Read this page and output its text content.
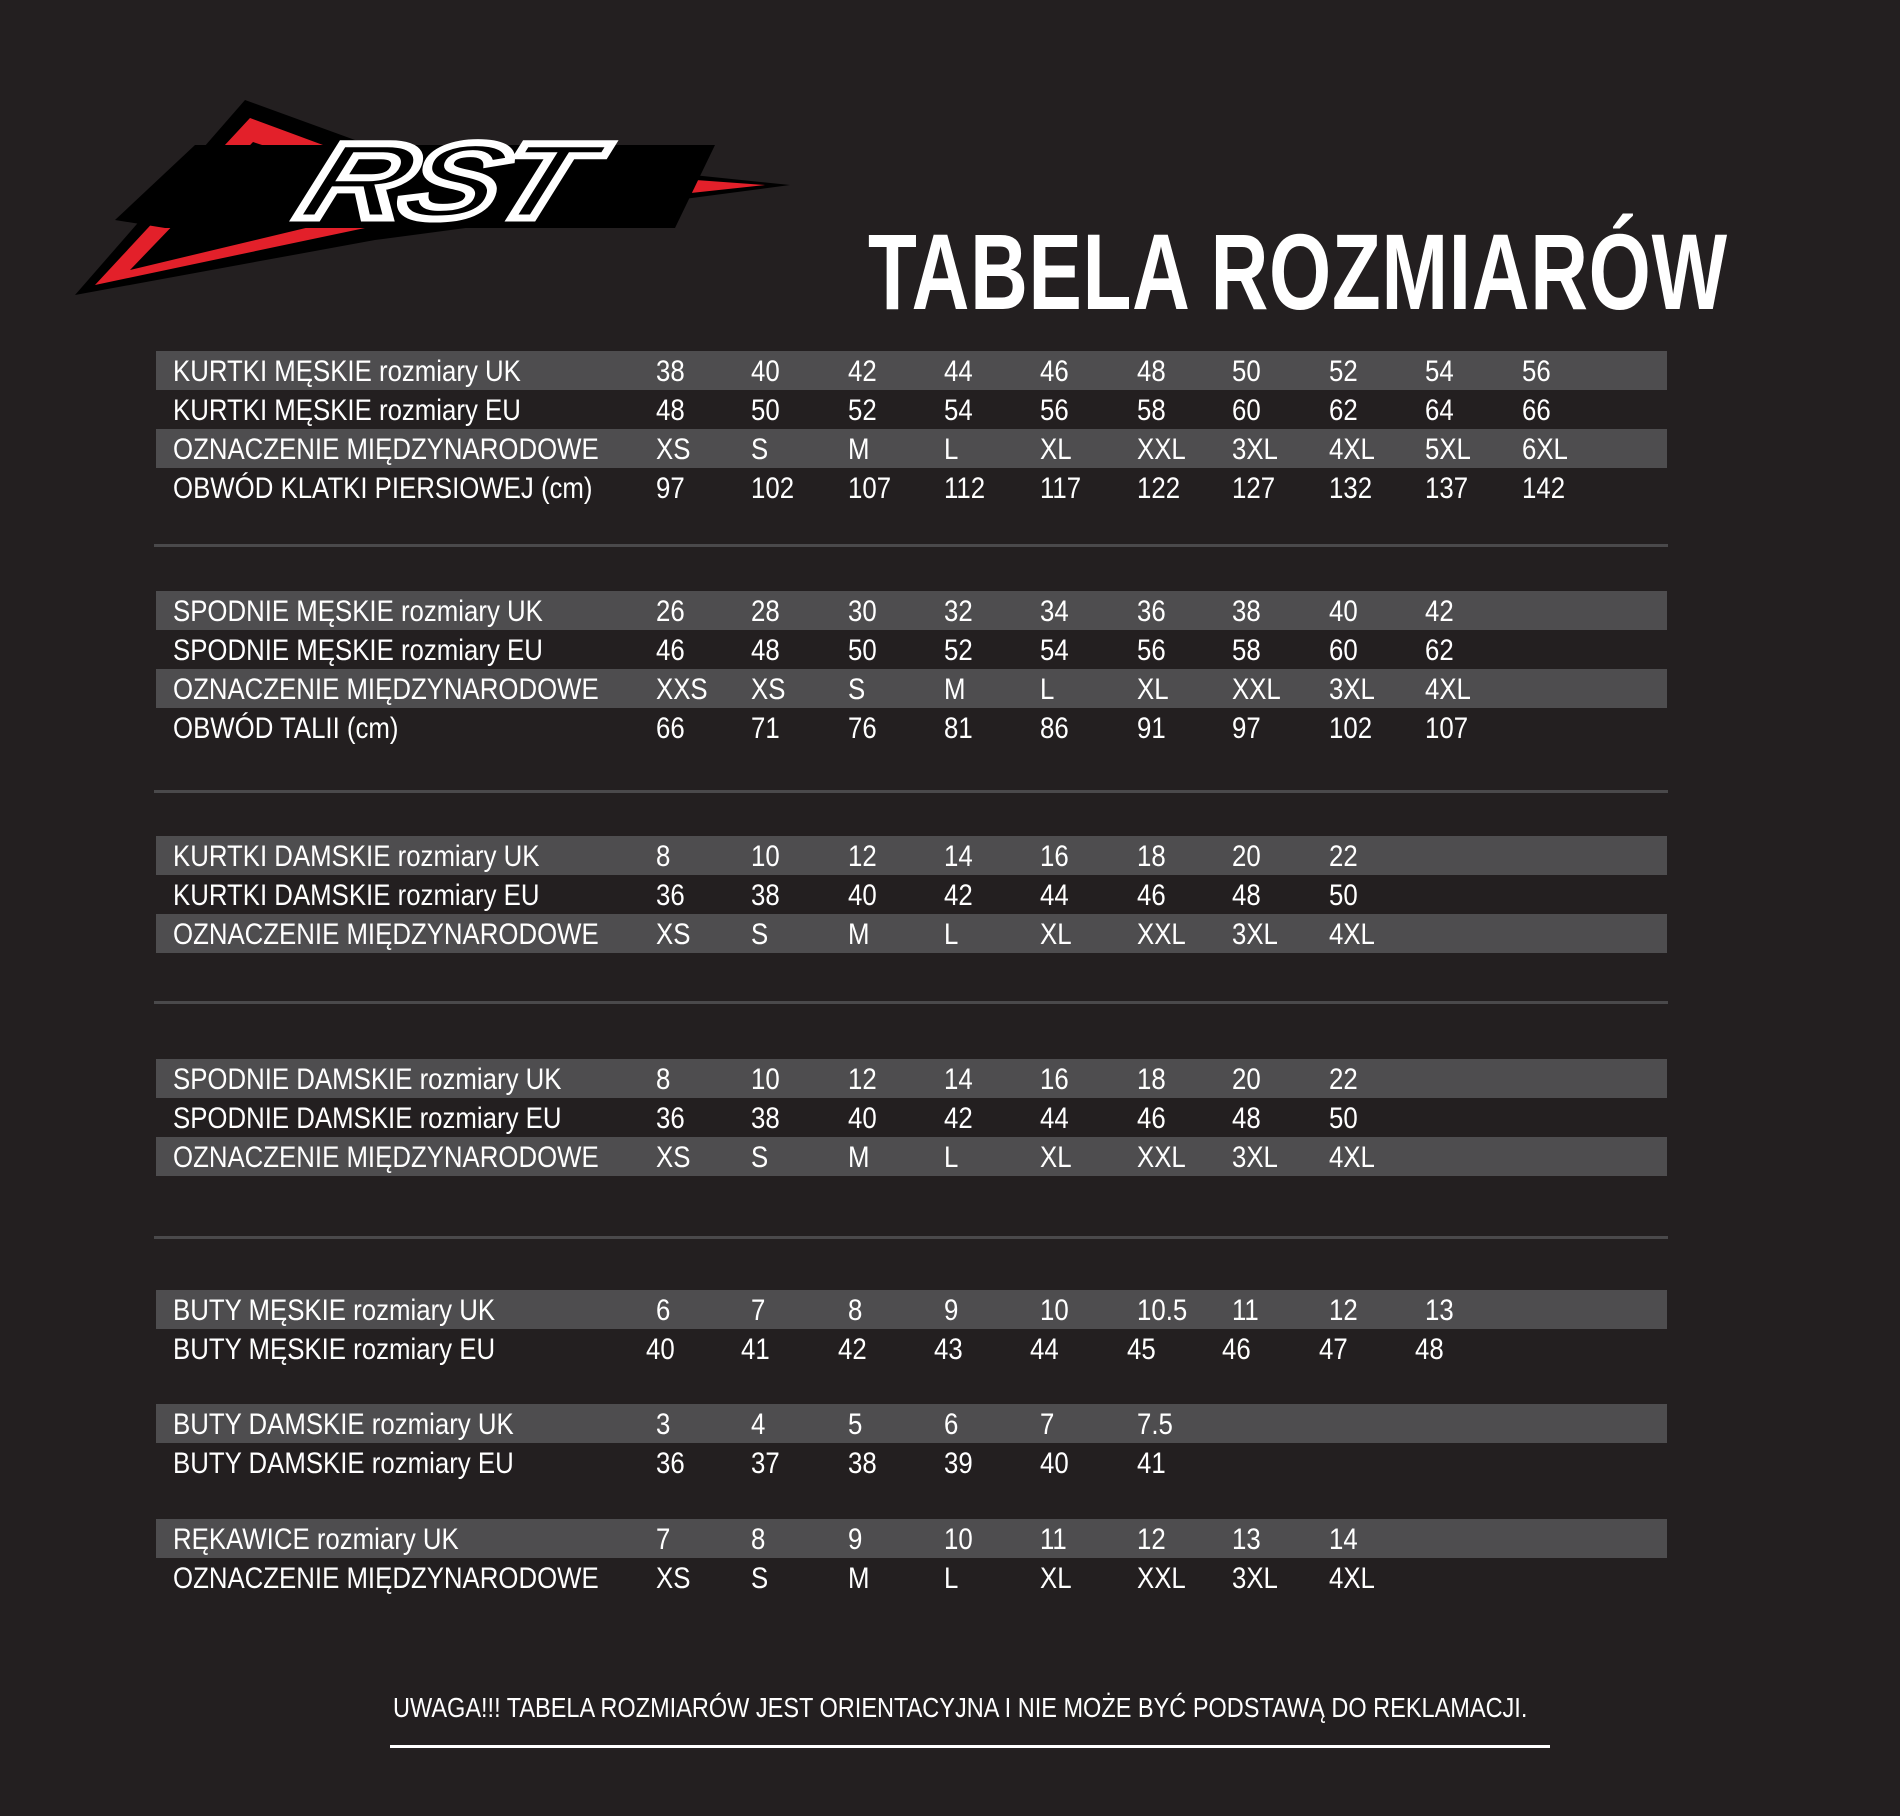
RST
TABELA ROZMIARÓW
KURTKI MĘSKIE rozmiary UK	38 40 42 44 46 48 50 52 54 56
KURTKI MĘSKIE rozmiary EU	48 50 52 54 56 58 60 62 64 66
OZNACZENIE MIĘDZYNARODOWE XS S	M L	XL XXL 3XL 4XL 5XL 6XL
OBWÓD KLATKI PIERSIOWEJ (cm) 97 102 107 112 117 122 127 132 137 142
SPODNIE MĘSKIE rozmiary UK	26 28 30 32 34 36 38 40 42
SPODNIE MĘSKIE rozmiary EU	46 48 50 52 54 56 58 60 62
OZNACZENIE MIĘDZYNARODOWE XXS XS S	M L	XL XXL 3XL 4XL
OBWÓD TALII (cm)	66 71 76 81 86 91 97 102 107
KURTKI DAMSKIE rozmiary UK	8	10 12 14 16 18 20 22
KURTKI DAMSKIE rozmiary EU	36 38 40 42 44 46 48 50
OZNACZENIE MIĘDZYNARODOWE XS S	M L	XL XXL 3XL 4XL
SPODNIE DAMSKIE rozmiary UK	8	10 12 14 16 18 20 22
SPODNIE DAMSKIE rozmiary EU	36 38 40 42 44 46 48 50
OZNACZENIE MIĘDZYNARODOWE XS S	M L	XL XXL 3XL 4XL
BUTY MĘSKIE rozmiary UK	6	7	8	9	10 10.5 11 12 13
BUTY MĘSKIE rozmiary EU	40 41 42 43 44 45 46 47 48
BUTY DAMSKIE rozmiary UK	3	4	5	6	7	7.5
BUTY DAMSKIE rozmiary EU	36 37 38 39 40 41
RĘKAWICE rozmiary UK	7	8	9	10 11 12 13 14
OZNACZENIE MIĘDZYNARODOWE XS S	M L	XL XXL 3XL 4XL
UWAGA!!! TABELA ROZMIARÓW JEST ORIENTACYJNA I NIE MOŻE BYĆ PODSTAWĄ DO REKLAMACJI.
